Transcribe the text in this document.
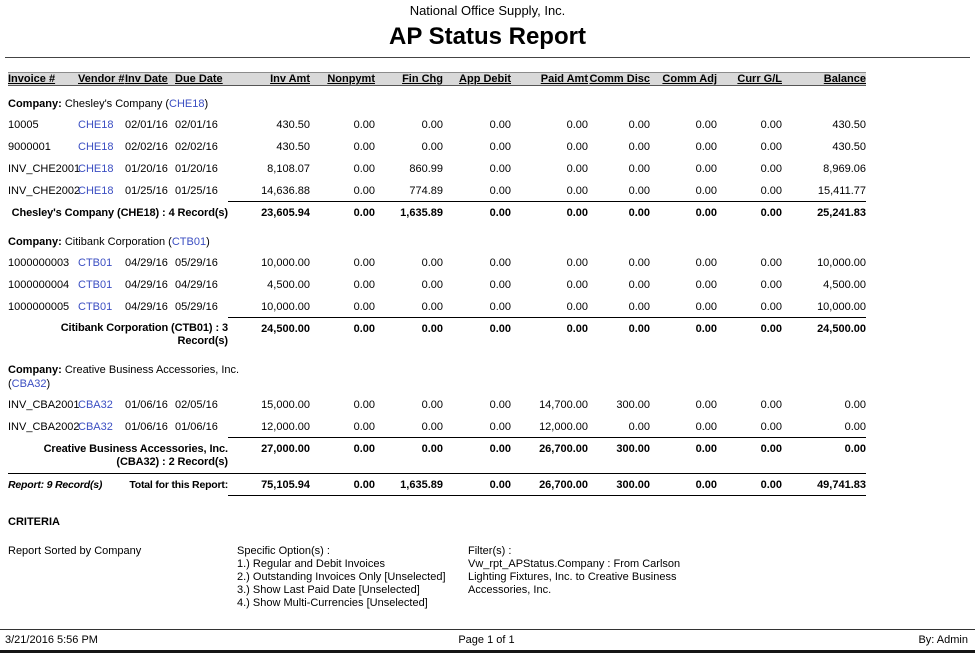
National Office Supply, Inc.
AP Status Report
Invoice #	Vendor #	Inv Date	Due Date	Inv Amt	Nonpymt	Fin Chg	App Debit	Paid Amt	Comm Disc	Comm Adj	Curr G/L	Balance

Company: Chesley's Company (CHE18)												

10005	CHE18	02/01/16	02/01/16	430.50	0.00	0.00	0.00	0.00	0.00	0.00	0.00	430.50
9000001	CHE18	02/02/16	02/02/16	430.50	0.00	0.00	0.00	0.00	0.00	0.00	0.00	430.50
INV_CHE2001	CHE18	01/20/16	01/20/16	8,108.07	0.00	860.99	0.00	0.00	0.00	0.00	0.00	8,969.06
INV_CHE2002	CHE18	01/25/16	01/25/16	14,636.88	0.00	774.89	0.00	0.00	0.00	0.00	0.00	15,411.77
Chesley's Company (CHE18) : 4 Record(s)				23,605.94	0.00	1,635.89	0.00	0.00	0.00	0.00	0.00	25,241.83

Company: Citibank Corporation (CTB01)												

1000000003	CTB01	04/29/16	05/29/16	10,000.00	0.00	0.00	0.00	0.00	0.00	0.00	0.00	10,000.00
1000000004	CTB01	04/29/16	04/29/16	4,500.00	0.00	0.00	0.00	0.00	0.00	0.00	0.00	4,500.00
1000000005	CTB01	04/29/16	05/29/16	10,000.00	0.00	0.00	0.00	0.00	0.00	0.00	0.00	10,000.00
Citibank Corporation (CTB01) : 3 Record(s)				24,500.00	0.00	0.00	0.00	0.00	0.00	0.00	0.00	24,500.00

Company: Creative Business Accessories, Inc. (CBA32)												

INV_CBA2001	CBA32	01/06/16	02/05/16	15,000.00	0.00	0.00	0.00	14,700.00	300.00	0.00	0.00	0.00
INV_CBA2002	CBA32	01/06/16	01/06/16	12,000.00	0.00	0.00	0.00	12,000.00	0.00	0.00	0.00	0.00
Creative Business Accessories, Inc. (CBA32) : 2 Record(s)				27,000.00	0.00	0.00	0.00	26,700.00	300.00	0.00	0.00	0.00

Report: 9 Record(s) Total for this Report:				75,105.94	0.00	1,635.89	0.00	26,700.00	300.00	0.00	0.00	49,741.83
CRITERIA
Report Sorted by Company	Specific Option(s) :
1.) Regular and Debit Invoices
2.) Outstanding Invoices Only [Unselected]
3.) Show Last Paid Date [Unselected]
4.) Show Multi-Currencies [Unselected]
Filter(s) :
Vw_rpt_APStatus.Company : From Carlson Lighting Fixtures, Inc. to Creative Business Accessories, Inc.
3/21/2016 5:56 PM	Page 1 of 1	By: Admin
